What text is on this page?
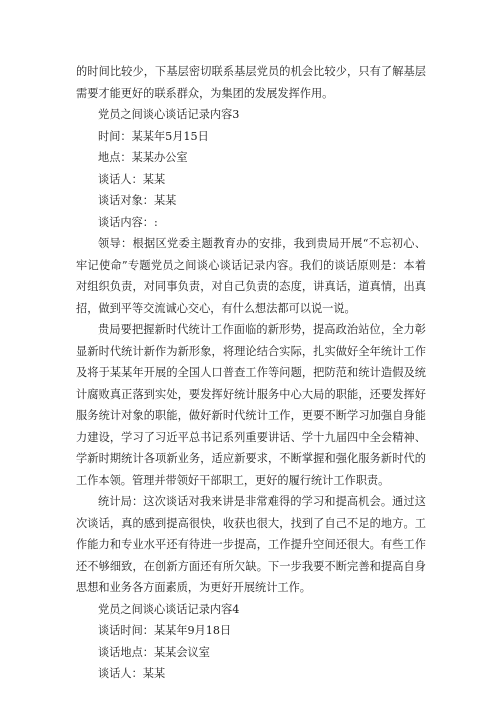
的时间比较少，下基层密切联系基层党员的机会比较少，只有了解基层需要才能更好的联系群众，为集团的发展发挥作用。

党员之间谈心谈话记录内容3

时间：某某年5月15日

地点：某某办公室

谈话人：某某

谈话对象：某某

谈话内容：:

领导：根据区党委主题教育办的安排，我到贵局开展“不忘初心、牢记使命”专题党员之间谈心谈话记录内容。我们的谈话原则是：本着对组织负责，对同事负责，对自己负责的态度，讲真话，道真情，出真招，做到平等交流诚心交心，有什么想法都可以说一说。

贵局要把握新时代统计工作面临的新形势，提高政治站位，全力彰显新时代统计新作为新形象，将理论结合实际，扎实做好全年统计工作及将于某某年开展的全国人口普查工作等问题，把防范和统计造假及统计腐败真正落到实处，要发挥好统计服务中心大局的职能，还要发挥好服务统计对象的职能，做好新时代统计工作，更要不断学习加强自身能力建设，学习了习近平总书记系列重要讲话、学十九届四中全会精神、学新时期统计各项新业务，适应新要求，不断掌握和强化服务新时代的工作本领。管理并带领好干部职工，更好的履行统计工作职责。

统计局：这次谈话对我来讲是非常难得的学习和提高机会。通过这次谈话，真的感到提高很快，收获也很大，找到了自己不足的地方。工作能力和专业水平还有待进一步提高，工作提升空间还很大。有些工作还不够细致，在创新方面还有所欠缺。下一步我要不断完善和提高自身思想和业务各方面素质，为更好开展统计工作。

党员之间谈心谈话记录内容4

谈话时间：某某年9月18日

谈话地点：某某会议室

谈话人：某某
